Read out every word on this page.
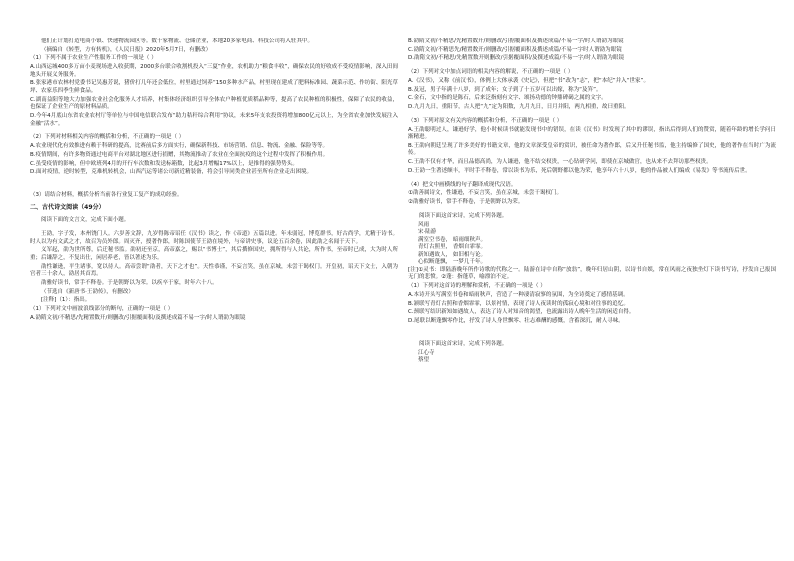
他们正计划打造电商小镇、快递物流园区等。数十家物流、仓储企业，本地20多家电商、科技公司将入驻其中。

（摘编自《转型，方有转机》，《人民日报》2020年5月7日，有删改）

（1）下列不属于农业生产性服务工作的一项是（ ）

A.山西运城400多万亩小麦现场进入收获期，2000多台联合收割机投入“三夏”作业，农机助力“粮食丰收”，确保农民的好收成不受疫情影响，深入田间地头开展义务服务。

B.张家港市农林村党委书记吴惠芳说，猪价打几年还会低位，村里通过饲养“150多种水产品，村里现在建成了肥料标准园、蔬菜示范、作坊街、阳光草坪、农家乐四季生鲜食品。

C.湖南益阳等地大力加强农业社会化服务人才培养，村集体经济组织引导全体农户种植优质稻品种等，提高了农民种植的积极性，保障了农民的收益，也保证了企业生产的原材料品质。

D.今年4月底山东省农业农村厅等单位与中国电信联合发布“助力秸秆综合利用”协议，未来5年支农投资将增加800亿元以上，为全省农业加快发展注入金融“活水”。

（2）下列对材料相关内容的概括和分析，不正确的一项是（ ）

A.农业现代化有效推进有赖于科研的提高，比赛前后多方面实行，确保新科技、市场营销、信息、物流、金融、保险等等。

B.疫情期间，有许多物资通过电商平台对湖北地区进行捐赠，其物流推动了农业在全面抗疫的这个过程中发挥了积极作用。

C.虽受疫情的影响，但中欧班列4月的开行车次数和发送标箱数，比起3月增幅17%以上，是推得的强势势头。

D.面对疫情，逆时转型，克难机转机会，山西汽运等诸公司新近精装备，将会引导同类企业甚至所有企业走出困境。

（3）请结合材料，概括分析当前各行业复工复产的成功经验。

二、古代诗文阅读（49分）

阅读下面的文言文，完成下面小题。

王劭，字子发，本州饶门人。六岁善文辞，九岁得陈帝诏任《汉书》读之，作《帝道》五篇以进。年未弱冠，博览群书，好古尚学，尤精于诗书。时人以为有文武之才，故召为员外郎。周灭齐，授著作郎，时陈国使节王劭在境外，与帝讲史事，议论五百余卷，因此劭之名闻于天下。

义军起，劭为世所尊，后迁秘书监。劭初还至京，高帝嘉之，赐以“书博士”，其后撰修国史，拥所得与人共论，所作书，至帝时已成，大为时人所重；后谦辞之，不复出仕，闲居养老，皆以著述为乐。

劭性谦逊，平生诸事，宽以待人。高帝尝谓“劭者，天下之才也”。天性恭谨，不妄言笑，虽在京城，未尝干谒权门。开皇初，诏天下文士，入朝为官者三十余人，劭居其首焉。

劭雅好读书，常手不释卷。于是朝野以为荣。以疾卒于家，时年六十八。

（节选自《新唐书·王劭传》，有删改）

[注释]（1）：指出。

（1）下列对文中画波浪线部分的断句，正确的一项是（ ）

A.劭隋文初/不精思/先精置数开/则删改/引据覆面积/及撰述成篇不易一字/时人谓劭为眼镜

B.劭隋文初/不精思/先精置数开/则删改/引据覆面积及撰述成篇/不易一字/时人谓劭为眼镜

C.劭隋文初/不精思先/精置数开/则删改/引据覆面积及撰述成篇/不易一字时人谓劭为眼镜

D.劭隋文初/不精思/先精置数开则删改/引据覆面积/及撰述成篇/不易一字/时人谓劭为眼镜

（2）下列对文中加点词语的相关内容的解说，不正确的一项是（ ）

A.《汉书》，又称《前汉书》，体例上大体承袭《史记》，但把“书”改为“志”，把“本纪”并入“世家”。

B.及冠，男子年满十八岁，到了成年；女子到了十五岁可以出嫁，称为“及笄”。

C.金石，文中指的是陈石，后来泛指刻有文字、颂扬功德的钟鼎碑碣之属的文字。

D.九月九日，重阳节，古人把“九”定为阳数，九月九日，日月并阳，两九相重，故曰重阳。

（3）下列对原文有关内容的概括和分析，不正确的一项是（ ）

A.王劭聪明过人，谦逊好学，他小时候读书就能发现书中的错误，在读《汉书》时发现了其中的谬误，指出后得到人们的赞赏，随着年龄的增长学问日渐精进。

B.王劭向朝廷呈现了许多美好的书籍文章，他的文章深受皇帝的赏识，被任命为著作郎，后又升任秘书监，他主持编修了国史，他的著作在当时广为流传。

C.王劭不仅有才华，而且品德高尚，为人谦逊，他不结交权贵，一心钻研学问，即使在京城做官，也从来不去拜访那些权贵。

D.王劭一生著述颇丰，平时手不释卷，常以读书为乐，死后朝野都以他为荣，他享年六十八岁，他的作品被人们编成《易发》等书流传后世。

（4）把文中画横线的句子翻译成现代汉语。

①劭善属诗文，性谦逊，不妄言笑，虽在京城，未尝干谒权门。

②劭雅好读书，常手不释卷，于是朝野以为荣。

阅读下面这首宋诗，完成下列各题。

风雨

宋·陆游

满室空书卷， 暗雨细秋声。

青灯古照里， 香烟自霏霏。

新知遇故人， 如旧相与论。

心似断蓬飘， 一梦几千年。

[注]①灵书：即陆游晚年所作诗歌的代称之一。陆游在诗中自称“放翁”，晚年归居山阴，以诗书自娱，常在风雨之夜独坐灯下读书写诗，抒发自己报国无门的悲愤。②蓬：指蓬草，喻漂泊不定。

（1）下列对这首诗的理解和赏析，不正确的一项是（ ）

A.本诗开头写满室书卷和暗雨秋声，营造了一种凄清寂寥的氛围，为全诗奠定了感情基调。

B.颔联写青灯古照和香烟霏霏，以景衬情，表现了诗人夜读时的孤寂心境和对往事的追忆。

C.颈联写结识新知如遇故人，表达了诗人对知音的渴望，也流露出诗人晚年生活的闲适自得。

D.尾联以断蓬飘零作比，抒发了诗人身世飘零、壮志难酬的感慨，含蓄深沉，耐人寻味。

阅读下面这首宋诗，完成下列各题。

江心寺

蔡望
